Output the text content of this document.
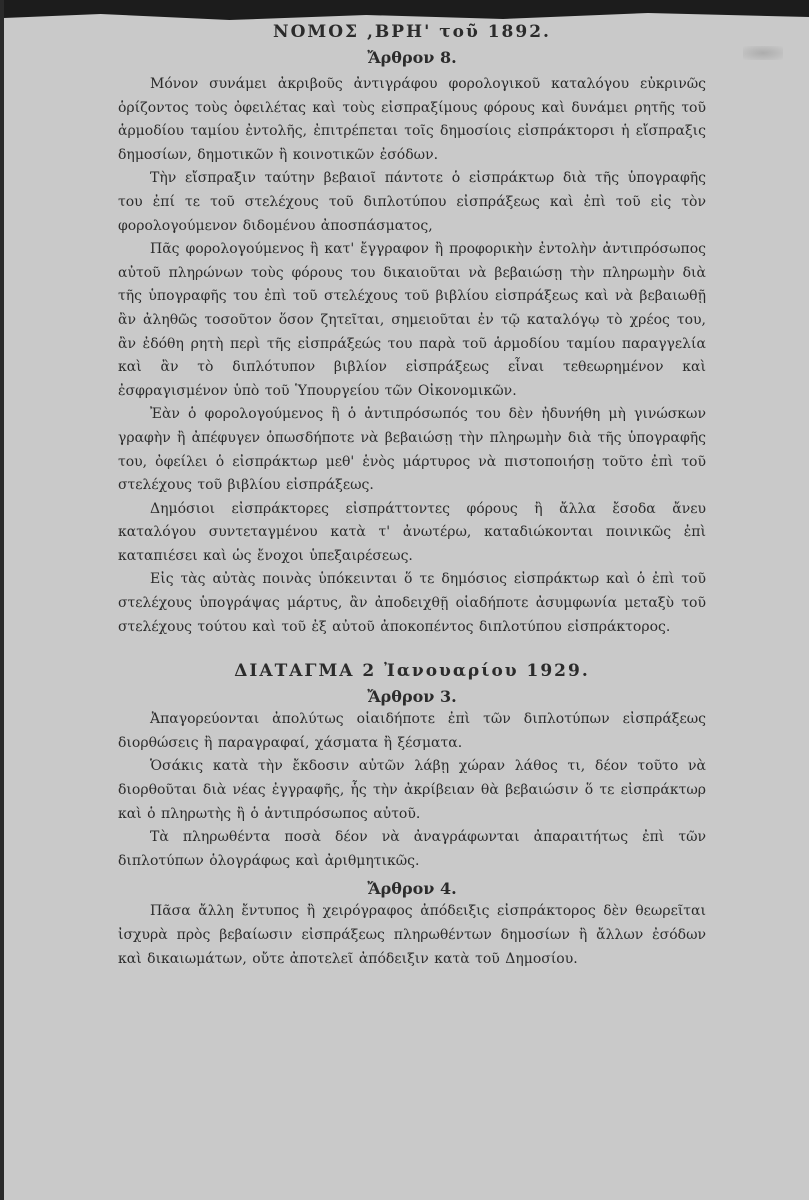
ΝΟΜΟΣ ,ΒΡΗ' τοῦ 1892.
Ἄρθρον 8.

Μόνον συνάμει ἀκριβοῦς ἀντιγράφου φορολογικοῦ καταλόγου εὐκρινῶς ὁρίζοντος τοὺς ὀφειλέτας καὶ τοὺς εἰσπραξίμους φόρους καὶ δυνάμει ρητῆς τοῦ ἁρμοδίου ταμίου ἐντολῆς, ἐπιτρέπεται τοῖς δημοσίοις εἰσπράκτορσι ἡ εἴσπραξις δημοσίων, δημοτικῶν ἢ κοινοτικῶν ἐσόδων.

Τὴν εἴσπραξιν ταύτην βεβαιοῖ πάντοτε ὁ εἰσπράκτωρ διὰ τῆς ὑπογραφῆς του ἐπί τε τοῦ στελέχους τοῦ διπλοτύπου εἰσπράξεως καὶ ἐπὶ τοῦ εἰς τὸν φορολογούμενον διδομένου ἀποσπάσματος,

Πᾶς φορολογούμενος ἢ κατ' ἔγγραφον ἢ προφορικὴν ἐντολὴν ἀντιπρόσωπος αὐτοῦ πληρώνων τοὺς φόρους του δικαιοῦται νὰ βεβαιώσῃ τὴν πληρωμὴν διὰ τῆς ὑπογραφῆς του ἐπὶ τοῦ στελέχους τοῦ βιβλίου εἰσπράξεως καὶ νὰ βεβαιωθῇ ἂν ἀληθῶς τοσοῦτον ὅσον ζητεῖται, σημειοῦται ἐν τῷ καταλόγῳ τὸ χρέος του, ἂν ἐδόθη ρητὴ περὶ τῆς εἰσπράξεώς του παρὰ τοῦ ἁρμοδίου ταμίου παραγγελία καὶ ἂν τὸ διπλότυπον βιβλίον εἰσπράξεως εἶναι τεθεωρημένον καὶ ἐσφραγισμένον ὑπὸ τοῦ Ὑπουργείου τῶν Οἰκονομικῶν.

Ἐὰν ὁ φορολογούμενος ἢ ὁ ἀντιπρόσωπός του δὲν ἠδυνήθη μὴ γινώσκων γραφὴν ἢ ἀπέφυγεν ὁπωσδήποτε νὰ βεβαιώσῃ τὴν πληρωμὴν διὰ τῆς ὑπογραφῆς του, ὀφείλει ὁ εἰσπράκτωρ μεθ' ἑνὸς μάρτυρος νὰ πιστοποιήσῃ τοῦτο ἐπὶ τοῦ στελέχους τοῦ βιβλίου εἰσπράξεως.

Δημόσιοι εἰσπράκτορες εἰσπράττοντες φόρους ἢ ἄλλα ἔσοδα ἄνευ καταλόγου συντεταγμένου κατὰ τ' ἀνωτέρω, καταδιώκονται ποινικῶς ἐπὶ καταπιέσει καὶ ὡς ἔνοχοι ὑπεξαιρέσεως.

Εἰς τὰς αὐτὰς ποινὰς ὑπόκεινται ὅ τε δημόσιος εἰσπράκτωρ καὶ ὁ ἐπὶ τοῦ στελέχους ὑπογράψας μάρτυς, ἂν ἀποδειχθῇ οἱαδήποτε ἀσυμφωνία μεταξὺ τοῦ στελέχους τούτου καὶ τοῦ ἐξ αὐτοῦ ἀποκοπέντος διπλοτύπου εἰσπράκτορος.

ΔΙΑΤΑΓΜΑ 2 Ἰανουαρίου 1929.
Ἄρθρον 3.

Ἀπαγορεύονται ἀπολύτως οἱαιδήποτε ἐπὶ τῶν διπλοτύπων εἰσπράξεως διορθώσεις ἢ παραγραφαί, χάσματα ἢ ξέσματα.

Ὁσάκις κατὰ τὴν ἔκδοσιν αὐτῶν λάβῃ χώραν λάθος τι, δέον τοῦτο νὰ διορθοῦται διὰ νέας ἐγγραφῆς, ἧς τὴν ἀκρίβειαν θὰ βεβαιώσιν ὅ τε εἰσπράκτωρ καὶ ὁ πληρωτὴς ἢ ὁ ἀντιπρόσωπος αὐτοῦ.

Τὰ πληρωθέντα ποσὰ δέον νὰ ἀναγράφωνται ἀπαραιτήτως ἐπὶ τῶν διπλοτύπων ὁλογράφως καὶ ἀριθμητικῶς.

Ἄρθρον 4.

Πᾶσα ἄλλη ἔντυπος ἢ χειρόγραφος ἀπόδειξις εἰσπράκτορος δὲν θεωρεῖται ἰσχυρὰ πρὸς βεβαίωσιν εἰσπράξεως πληρωθέντων δημοσίων ἢ ἄλλων ἐσόδων καὶ δικαιωμάτων, οὔτε ἀποτελεῖ ἀπόδειξιν κατὰ τοῦ Δημοσίου.
